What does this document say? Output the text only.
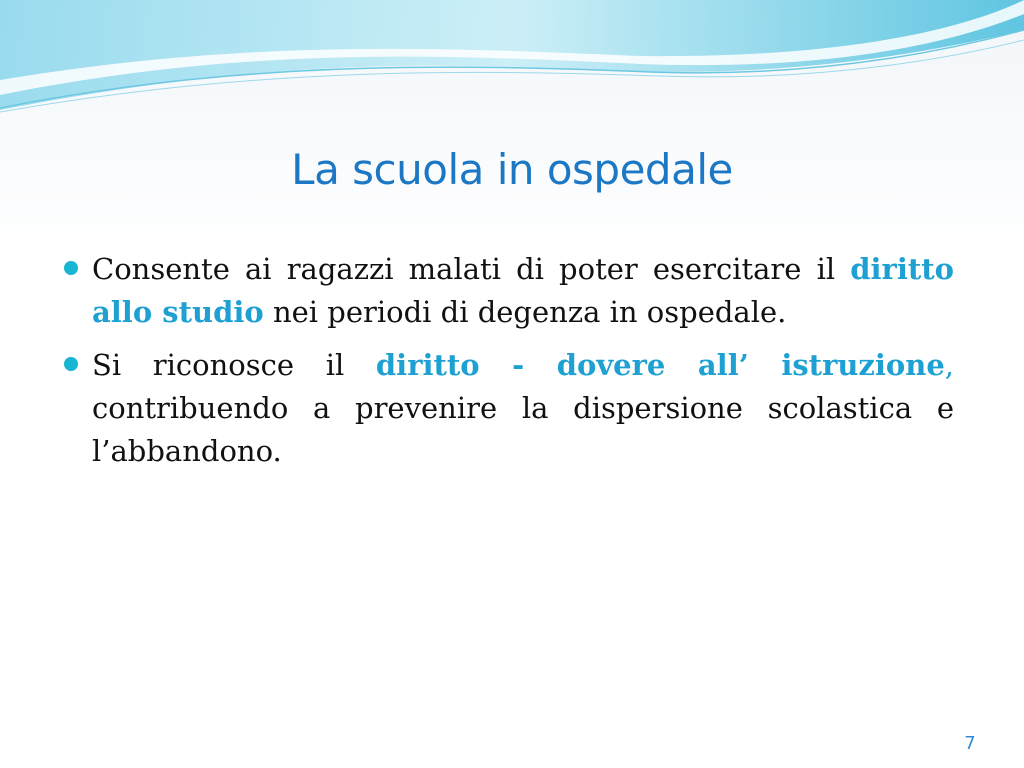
La scuola in ospedale
Consente ai ragazzi malati di poter esercitare il diritto allo studio nei periodi di degenza in ospedale.
Si riconosce il diritto - dovere all’ istruzione, contribuendo a prevenire la dispersione scolastica e l’abbandono.
7
